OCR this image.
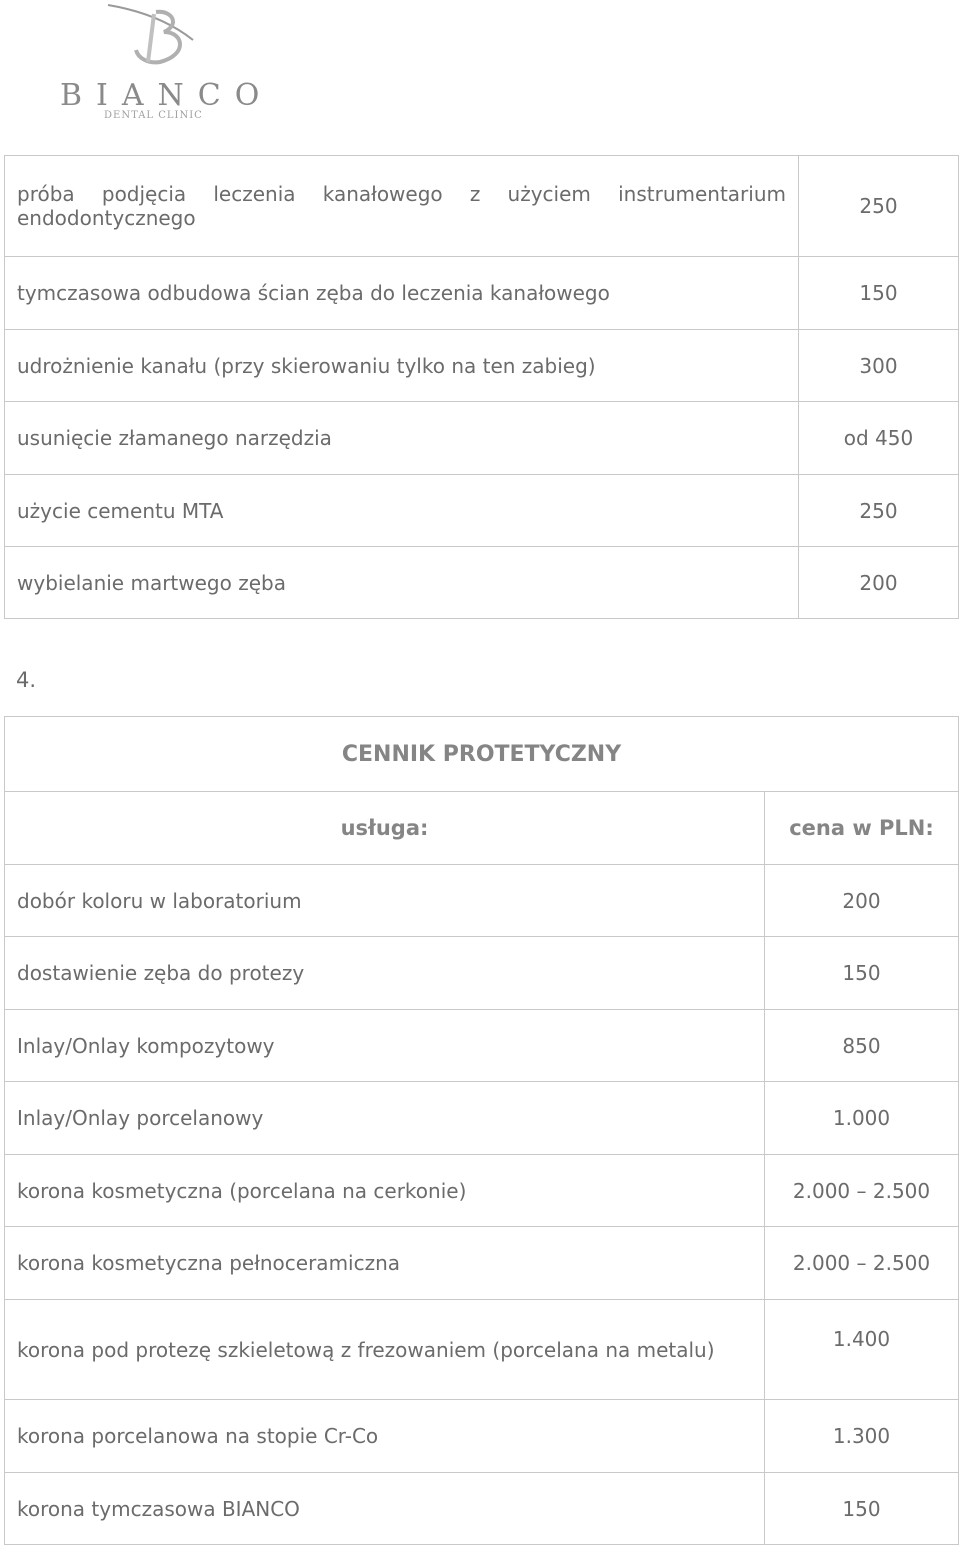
BIANCO
DENTAL CLINIC
próba podjęcia leczenia kanałowego z użyciem instrumentarium endodontycznego	250
tymczasowa odbudowa ścian zęba do leczenia kanałowego	150
udrożnienie kanału (przy skierowaniu tylko na ten zabieg)	300
usunięcie złamanego narzędzia	od 450
użycie cementu MTA	250
wybielanie martwego zęba	200
4.
CENNIK PROTETYCZNY	
usługa:	cena w PLN:
dobór koloru w laboratorium	200
dostawienie zęba do protezy	150
Inlay/Onlay kompozytowy	850
Inlay/Onlay porcelanowy	1.000
korona kosmetyczna (porcelana na cerkonie)	2.000 – 2.500
korona kosmetyczna pełnoceramiczna	2.000 – 2.500
korona pod protezę szkieletową z frezowaniem (porcelana na metalu)	1.400
korona porcelanowa na stopie Cr-Co	1.300
korona tymczasowa BIANCO	150
